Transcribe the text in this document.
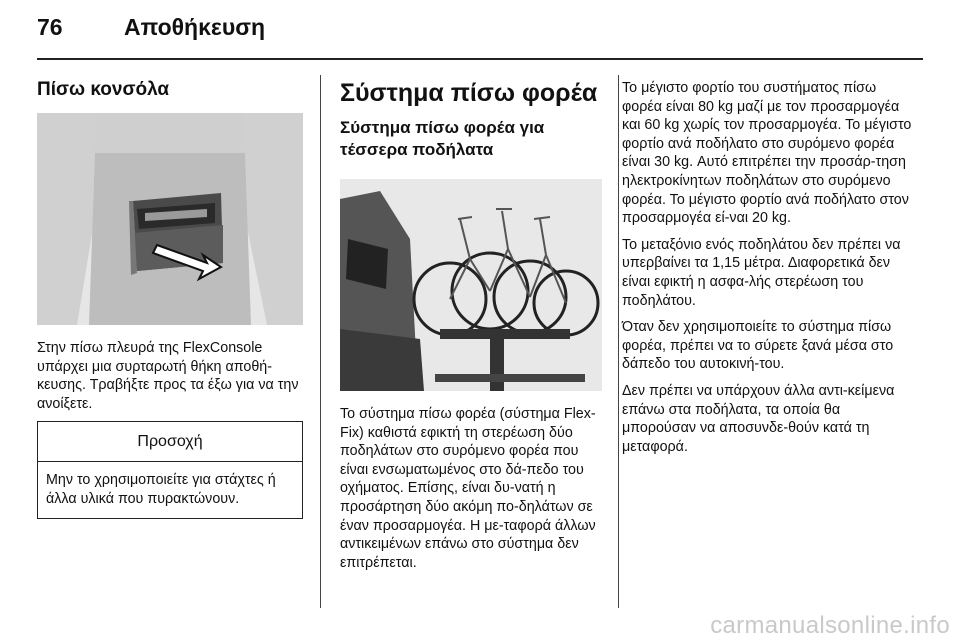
76	Αποθήκευση
Πίσω κονσόλα

Στην πίσω πλευρά της FlexConsole υπάρχει μια συρταρωτή θήκη αποθή-κευσης. Τραβήξτε προς τα έξω για να την ανοίξετε.

Προσοχή
Μην το χρησιμοποιείτε για στάχτες ή άλλα υλικά που πυρακτώνουν.
Σύστημα πίσω φορέα
Σύστημα πίσω φορέα για τέσσερα ποδήλατα

Το σύστημα πίσω φορέα (σύστημα Flex-Fix) καθιστά εφικτή τη στερέωση δύο ποδηλάτων στο συρόμενο φορέα που είναι ενσωματωμένος στο δά-πεδο του οχήματος. Επίσης, είναι δυ-νατή η προσάρτηση δύο ακόμη πο-δηλάτων σε έναν προσαρμογέα. Η με-ταφορά άλλων αντικειμένων επάνω στο σύστημα δεν επιτρέπεται.

Το μέγιστο φορτίο του συστήματος πίσω φορέα είναι 80 kg μαζί με τον προσαρμογέα και 60 kg χωρίς τον προσαρμογέα. Το μέγιστο φορτίο ανά ποδήλατο στο συρόμενο φορέα είναι 30 kg. Αυτό επιτρέπει την προσάρ-τηση ηλεκτροκίνητων ποδηλάτων στο συρόμενο φορέα. Το μέγιστο φορτίο ανά ποδήλατο στον προσαρμογέα εί-ναι 20 kg.

Το μεταξόνιο ενός ποδηλάτου δεν πρέπει να υπερβαίνει τα 1,15 μέτρα. Διαφορετικά δεν είναι εφικτή η ασφα-λής στερέωση του ποδηλάτου.

Όταν δεν χρησιμοποιείτε το σύστημα πίσω φορέα, πρέπει να το σύρετε ξανά μέσα στο δάπεδο του αυτοκινή-του.

Δεν πρέπει να υπάρχουν άλλα αντι-κείμενα επάνω στα ποδήλατα, τα οποία θα μπορούσαν να αποσυνδε-θούν κατά τη μεταφορά.

carmanualsonline.info
